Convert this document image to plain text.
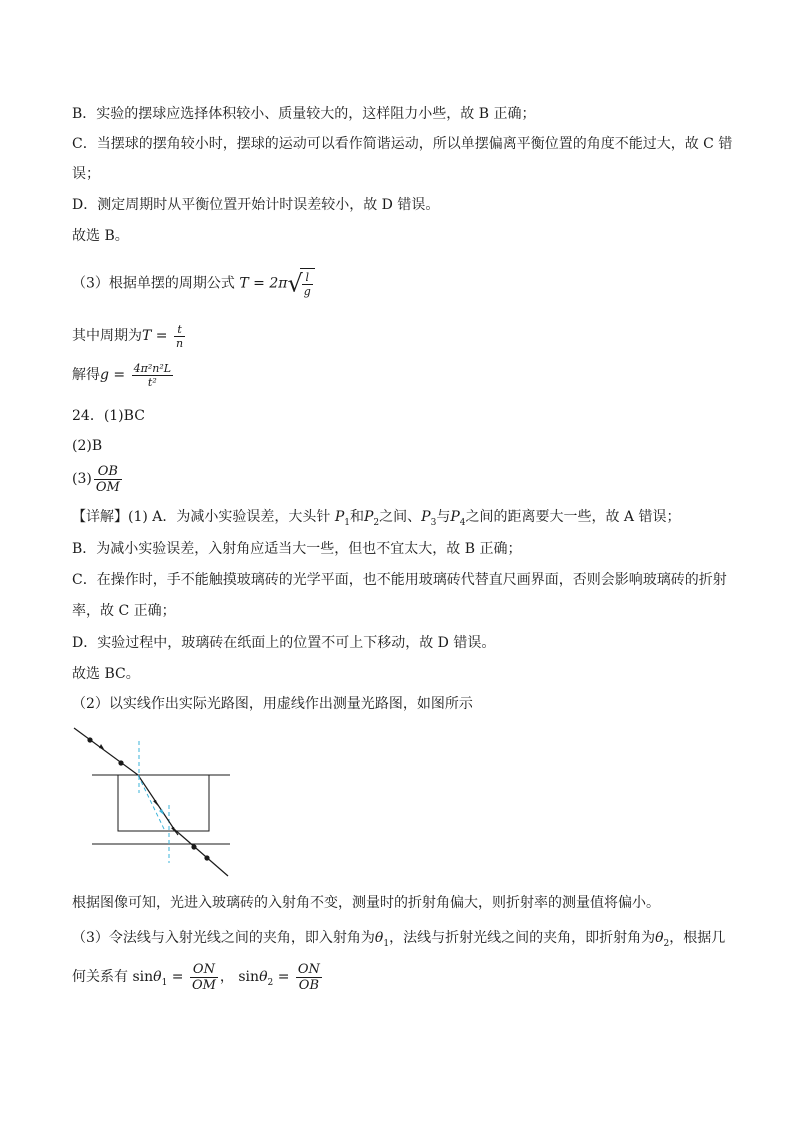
B．实验的摆球应选择体积较小、质量较大的，这样阻力小些，故 B 正确；
C．当摆球的摆角较小时，摆球的运动可以看作简谐运动，所以单摆偏离平衡位置的角度不能过大，故 C 错
误；
D．测定周期时从平衡位置开始计时误差较小，故 D 错误。
故选 B。
（3）根据单摆的周期公式 $T = 2\pi√ \frac{l}{g}$
其中周期为$T = \frac{t}{n}$
解得$g = \frac{\text{4π²n²L}}{\text{t²}}$
24．(1)BC
(2)B
$(3) \frac{OB}{OM}$
【详解】(1) A．为减小实验误差，大头针 $P_1$和$P_2$之间、$P_3$与$P_4$之间的距离要大一些，故 A 错误；
B．为减小实验误差，入射角应适当大一些，但也不宜太大，故 B 正确；
C．在操作时，手不能触摸玻璃砖的光学平面，也不能用玻璃砖代替直尺画界面，否则会影响玻璃砖的折射
率，故 C 正确；
D．实验过程中，玻璃砖在纸面上的位置不可上下移动，故 D 错误。
故选 BC。
（2）以实线作出实际光路图，用虚线作出测量光路图，如图所示
根据图像可知，光进入玻璃砖的入射角不变，测量时的折射角偏大，则折射率的测量值将偏小。
（3）令法线与入射光线之间的夹角，即入射角为$\theta_1$，法线与折射光线之间的夹角，即折射角为$\theta_2$，根据几
何关系有 $\sin\theta_1 = \frac{ON}{OM}$ ， $\sin\theta_2 = \frac{ON}{OB}$
